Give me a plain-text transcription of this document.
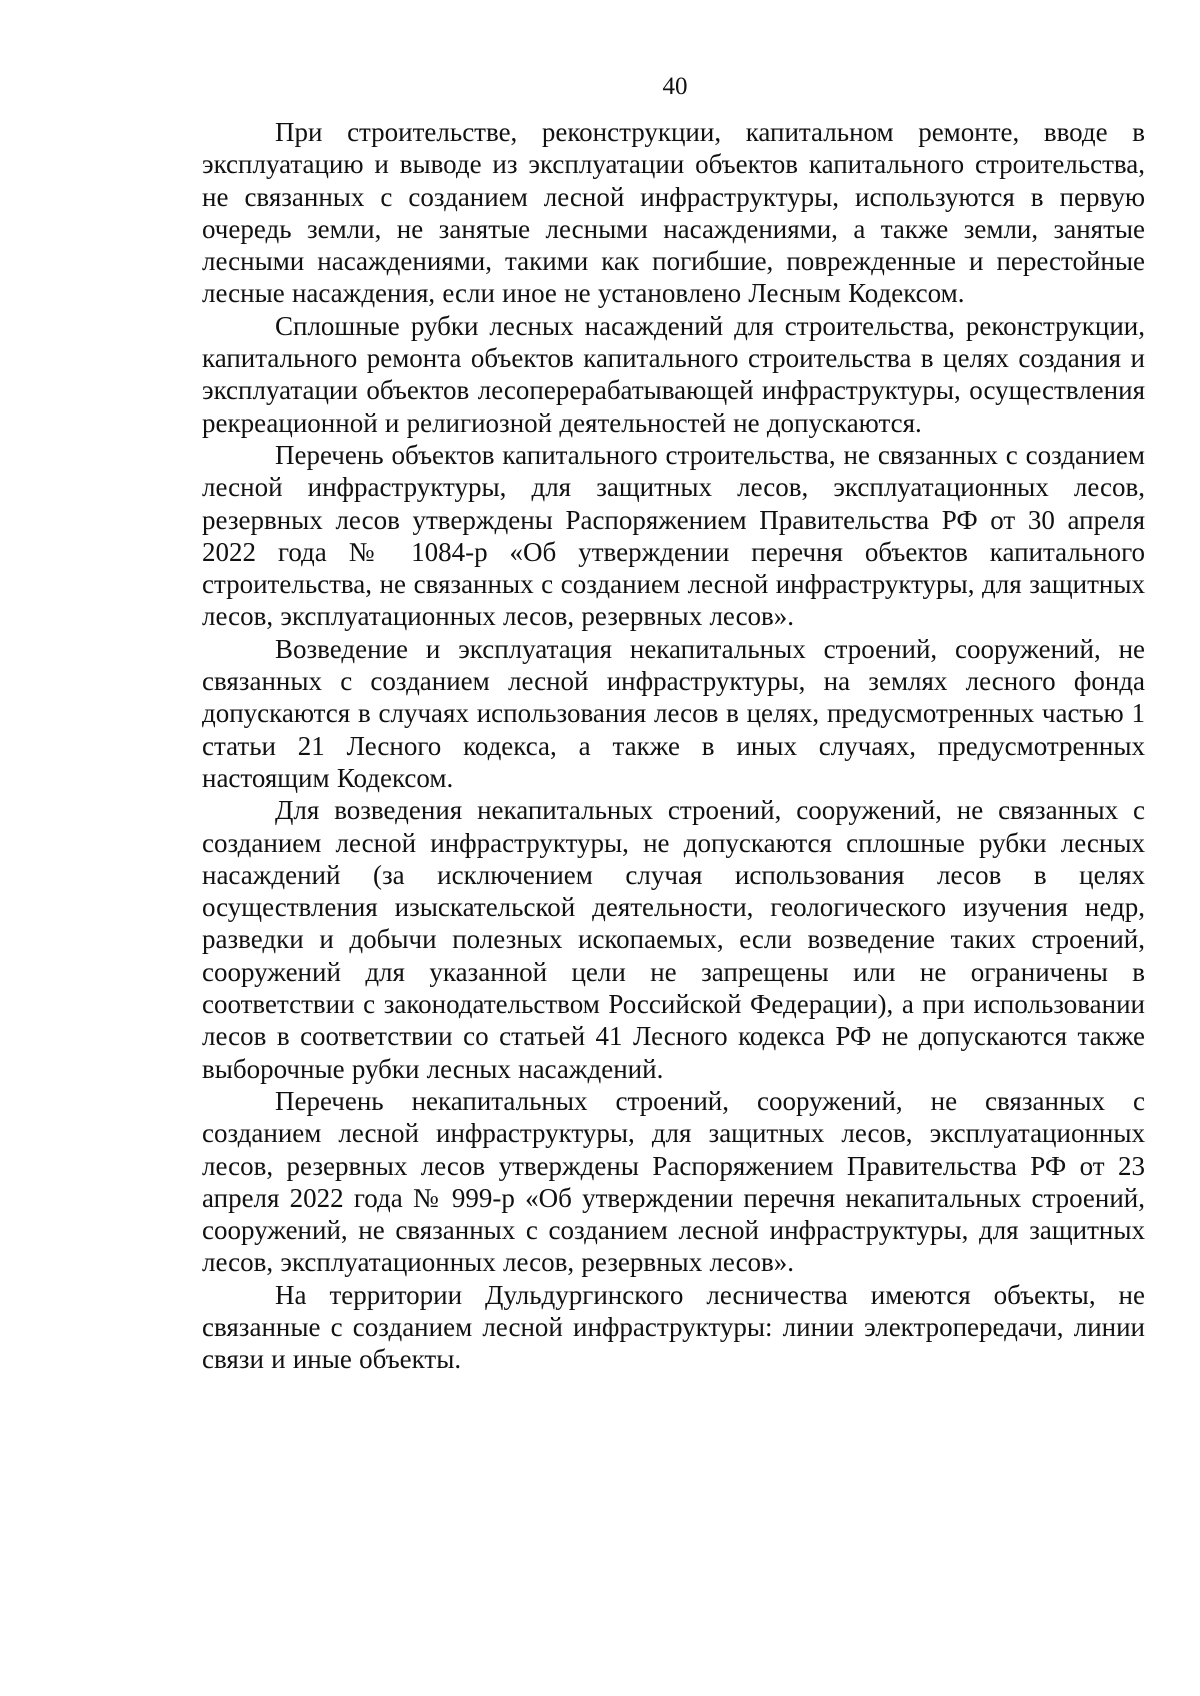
40

При строительстве, реконструкции, капитальном ремонте, вводе в эксплуатацию и выводе из эксплуатации объектов капитального строительства, не связанных с созданием лесной инфраструктуры, используются в первую очередь земли, не занятые лесными насаждениями, а также земли, занятые лесными насаждениями, такими как погибшие, поврежденные и перестойные лесные насаждения, если иное не установлено Лесным Кодексом.

Сплошные рубки лесных насаждений для строительства, реконструкции, капитального ремонта объектов капитального строительства в целях создания и эксплуатации объектов лесоперерабатывающей инфраструктуры, осуществления рекреационной и религиозной деятельностей не допускаются.

Перечень объектов капитального строительства, не связанных с созданием лесной инфраструктуры, для защитных лесов, эксплуатационных лесов, резервных лесов утверждены Распоряжением Правительства РФ от 30 апреля 2022 года № 1084-р «Об утверждении перечня объектов капитального строительства, не связанных с созданием лесной инфраструктуры, для защитных лесов, эксплуатационных лесов, резервных лесов».

Возведение и эксплуатация некапитальных строений, сооружений, не связанных с созданием лесной инфраструктуры, на землях лесного фонда допускаются в случаях использования лесов в целях, предусмотренных частью 1 статьи 21 Лесного кодекса, а также в иных случаях, предусмотренных настоящим Кодексом.

Для возведения некапитальных строений, сооружений, не связанных с созданием лесной инфраструктуры, не допускаются сплошные рубки лесных насаждений (за исключением случая использования лесов в целях осуществления изыскательской деятельности, геологического изучения недр, разведки и добычи полезных ископаемых, если возведение таких строений, сооружений для указанной цели не запрещены или не ограничены в соответствии с законодательством Российской Федерации), а при использовании лесов в соответствии со статьей 41 Лесного кодекса РФ не допускаются также выборочные рубки лесных насаждений.

Перечень некапитальных строений, сооружений, не связанных с созданием лесной инфраструктуры, для защитных лесов, эксплуатационных лесов, резервных лесов утверждены Распоряжением Правительства РФ от 23 апреля 2022 года № 999-р «Об утверждении перечня некапитальных строений, сооружений, не связанных с созданием лесной инфраструктуры, для защитных лесов, эксплуатационных лесов, резервных лесов».

На территории Дульдургинского лесничества имеются объекты, не связанные с созданием лесной инфраструктуры: линии электропередачи, линии связи и иные объекты.
